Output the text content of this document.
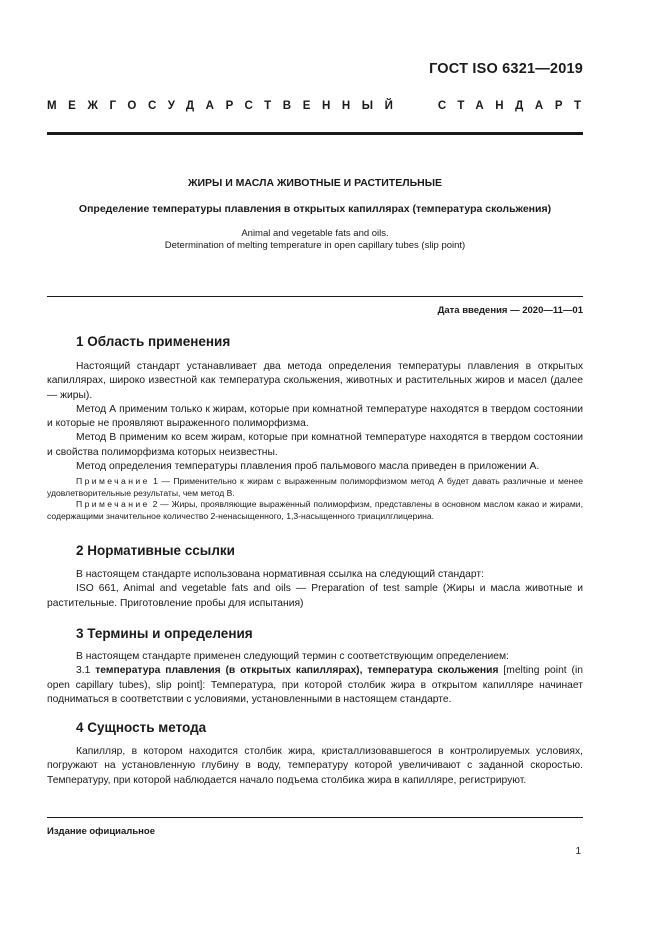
ГОСТ ISO 6321—2019
МЕЖГОСУДАРСТВЕННЫЙ	СТАНДАРТ
ЖИРЫ И МАСЛА ЖИВОТНЫЕ И РАСТИТЕЛЬНЫЕ
Определение температуры плавления в открытых капиллярах (температура скольжения)
Animal and vegetable fats and oils.
Determination of melting temperature in open capillary tubes (slip point)
Дата введения — 2020—11—01
1 Область применения
Настоящий стандарт устанавливает два метода определения температуры плавления в открытых капиллярах, широко известной как температура скольжения, животных и растительных жиров и масел (далее — жиры).
Метод А применим только к жирам, которые при комнатной температуре находятся в твердом состоянии и которые не проявляют выраженного полиморфизма.
Метод В применим ко всем жирам, которые при комнатной температуре находятся в твердом состоянии и свойства полиморфизма которых неизвестны.
Метод определения температуры плавления проб пальмового масла приведен в приложении А.
Примечание 1 — Применительно к жирам с выраженным полиморфизмом метод А будет давать различные и менее удовлетворительные результаты, чем метод В.
Примечание 2 — Жиры, проявляющие выраженный полиморфизм, представлены в основном маслом какао и жирами, содержащими значительное количество 2-ненасыщенного, 1,3-насыщенного триацилглицерина.
2 Нормативные ссылки
В настоящем стандарте использована нормативная ссылка на следующий стандарт:
ISO 661, Animal and vegetable fats and oils — Preparation of test sample (Жиры и масла животные и растительные. Приготовление пробы для испытания)
3 Термины и определения
В настоящем стандарте применен следующий термин с соответствующим определением:
3.1 температура плавления (в открытых капиллярах), температура скольжения [melting point (in open capillary tubes), slip point]: Температура, при которой столбик жира в открытом капилляре начинает подниматься в соответствии с условиями, установленными в настоящем стандарте.
4 Сущность метода
Капилляр, в котором находится столбик жира, кристаллизовавшегося в контролируемых условиях, погружают на установленную глубину в воду, температуру которой увеличивают с заданной скоростью. Температуру, при которой наблюдается начало подъема столбика жира в капилляре, регистрируют.
Издание официальное
1
